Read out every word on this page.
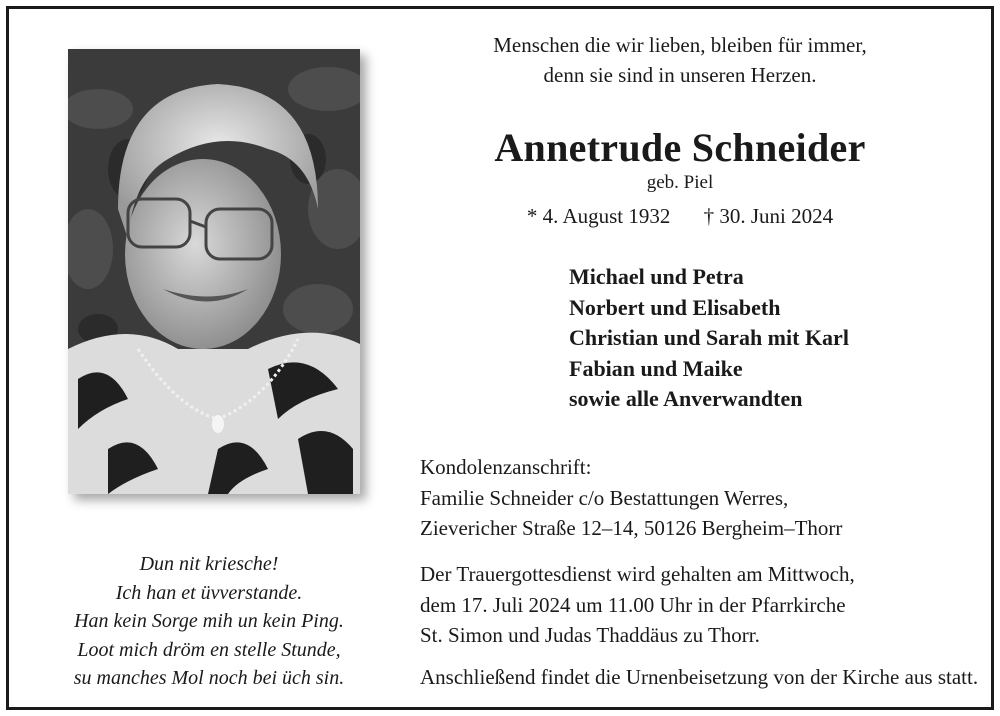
Menschen die wir lieben, bleiben für immer,
denn sie sind in unseren Herzen.
Annetrude Schneider
geb. Piel
* 4. August 1932 † 30. Juni 2024
Michael und Petra
Norbert und Elisabeth
Christian und Sarah mit Karl
Fabian und Maike
sowie alle Anverwandten
Kondolenzanschrift:
Familie Schneider c/o Bestattungen Werres,
Zievericher Straße 12–14, 50126 Bergheim–Thorr
Der Trauergottesdienst wird gehalten am Mittwoch,
dem 17. Juli 2024 um 11.00 Uhr in der Pfarrkirche
St. Simon und Judas Thaddäus zu Thorr.
Anschließend findet die Urnenbeisetzung von der Kirche aus statt.
Dun nit kriesche!
Ich han et üvverstande.
Han kein Sorge mih un kein Ping.
Loot mich dröm en stelle Stunde,
su manches Mol noch bei üch sin.
